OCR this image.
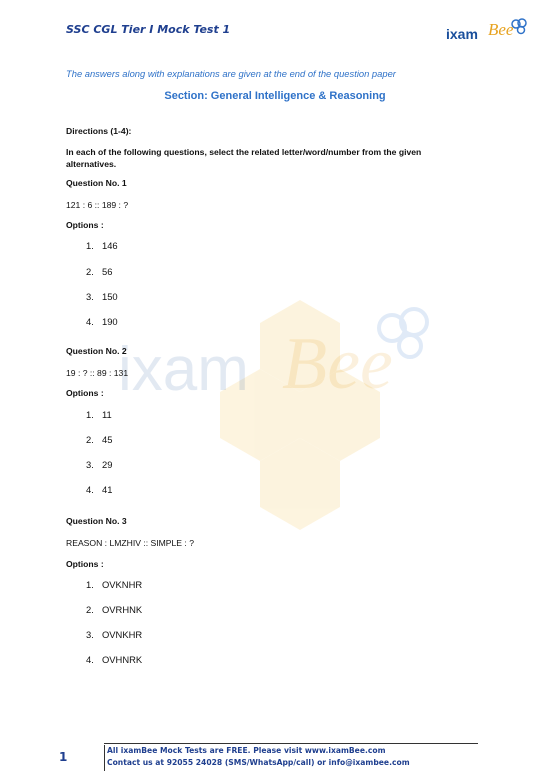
ixam Bee
SSC CGL Tier I Mock Test 1	ixam Bee
The answers along with explanations are given at the end of the question paper
Section: General Intelligence & Reasoning
Directions (1-4):
In each of the following questions, select the related letter/word/number from the given alternatives.
Question No. 1
121 : 6 :: 189 : ?
Options :
1. 146
2. 56
3. 150
4. 190
Question No. 2
19 : ? :: 89 : 131
Options :
1. 11
2. 45
3. 29
4. 41
Question No. 3
REASON : LMZHIV :: SIMPLE : ?
Options :
1. OVKNHR
2. OVRHNK
3. OVNKHR
4. OVHNRK
1	All ixamBee Mock Tests are FREE. Please visit www.ixamBee.com
Contact us at 92055 24028 (SMS/WhatsApp/call) or info@ixambee.com
